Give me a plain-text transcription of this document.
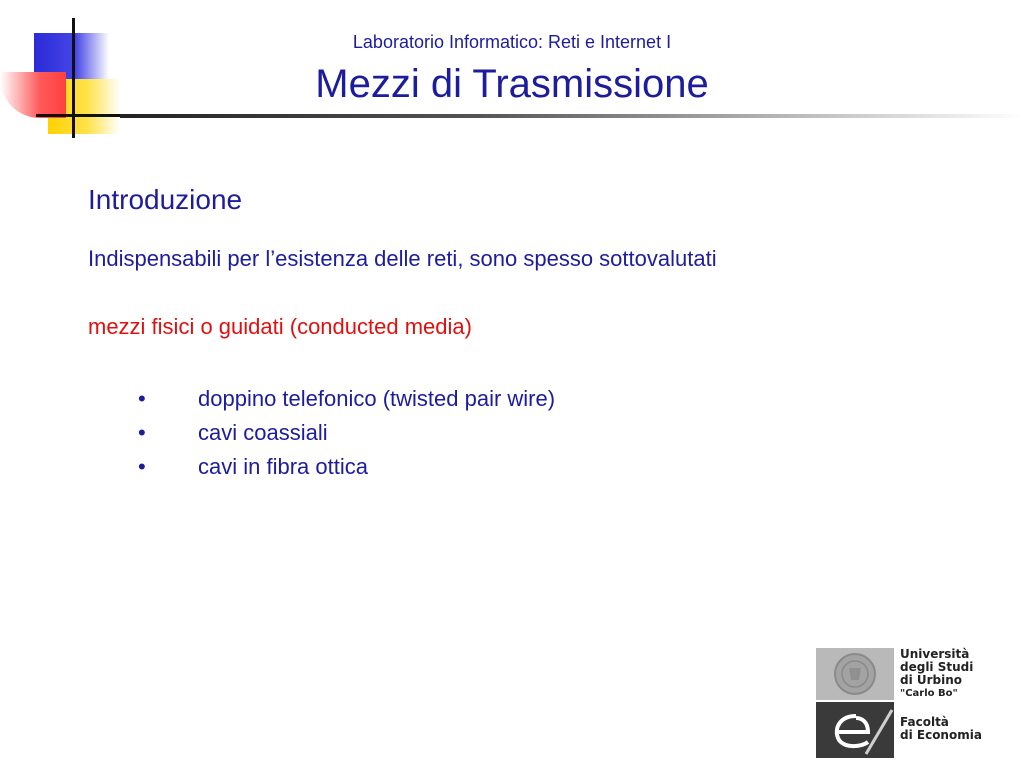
Laboratorio Informatico: Reti e Internet I
Mezzi di Trasmissione
Introduzione
Indispensabili per l’esistenza delle reti, sono spesso sottovalutati
mezzi fisici o guidati (conducted media)
• doppino telefonico (twisted pair wire)
• cavi coassiali
• cavi in fibra ottica
Università
degli Studi
di Urbino
"Carlo Bo"
Facoltà
di Economia
